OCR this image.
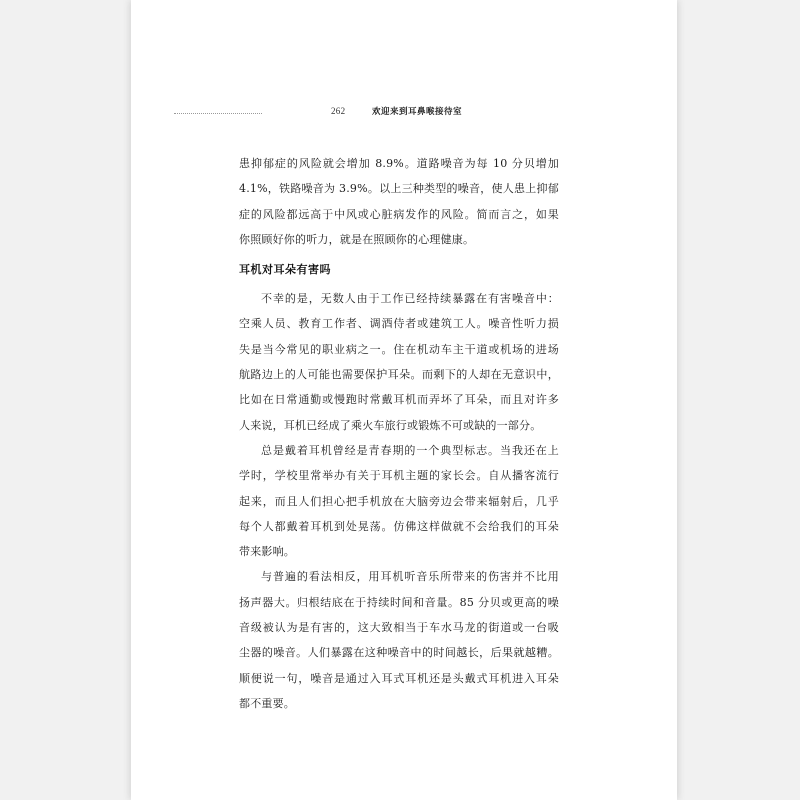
262	欢迎来到耳鼻喉接待室
患抑郁症的风险就会增加 8.9%。道路噪音为每 10 分贝增加
4.1%，铁路噪音为 3.9%。以上三种类型的噪音，使人患上抑郁
症的风险都远高于中风或心脏病发作的风险。简而言之，如果
你照顾好你的听力，就是在照顾你的心理健康。
耳机对耳朵有害吗
不幸的是，无数人由于工作已经持续暴露在有害噪音中：
空乘人员、教育工作者、调酒侍者或建筑工人。噪音性听力损
失是当今常见的职业病之一。住在机动车主干道或机场的进场
航路边上的人可能也需要保护耳朵。而剩下的人却在无意识中，
比如在日常通勤或慢跑时常戴耳机而弄坏了耳朵，而且对许多
人来说，耳机已经成了乘火车旅行或锻炼不可或缺的一部分。
总是戴着耳机曾经是青春期的一个典型标志。当我还在上
学时，学校里常举办有关于耳机主题的家长会。自从播客流行
起来，而且人们担心把手机放在大脑旁边会带来辐射后，几乎
每个人都戴着耳机到处晃荡。仿佛这样做就不会给我们的耳朵
带来影响。
与普遍的看法相反，用耳机听音乐所带来的伤害并不比用
扬声器大。归根结底在于持续时间和音量。85 分贝或更高的噪
音级被认为是有害的，这大致相当于车水马龙的街道或一台吸
尘器的噪音。人们暴露在这种噪音中的时间越长，后果就越糟。
顺便说一句，噪音是通过入耳式耳机还是头戴式耳机进入耳朵
都不重要。
